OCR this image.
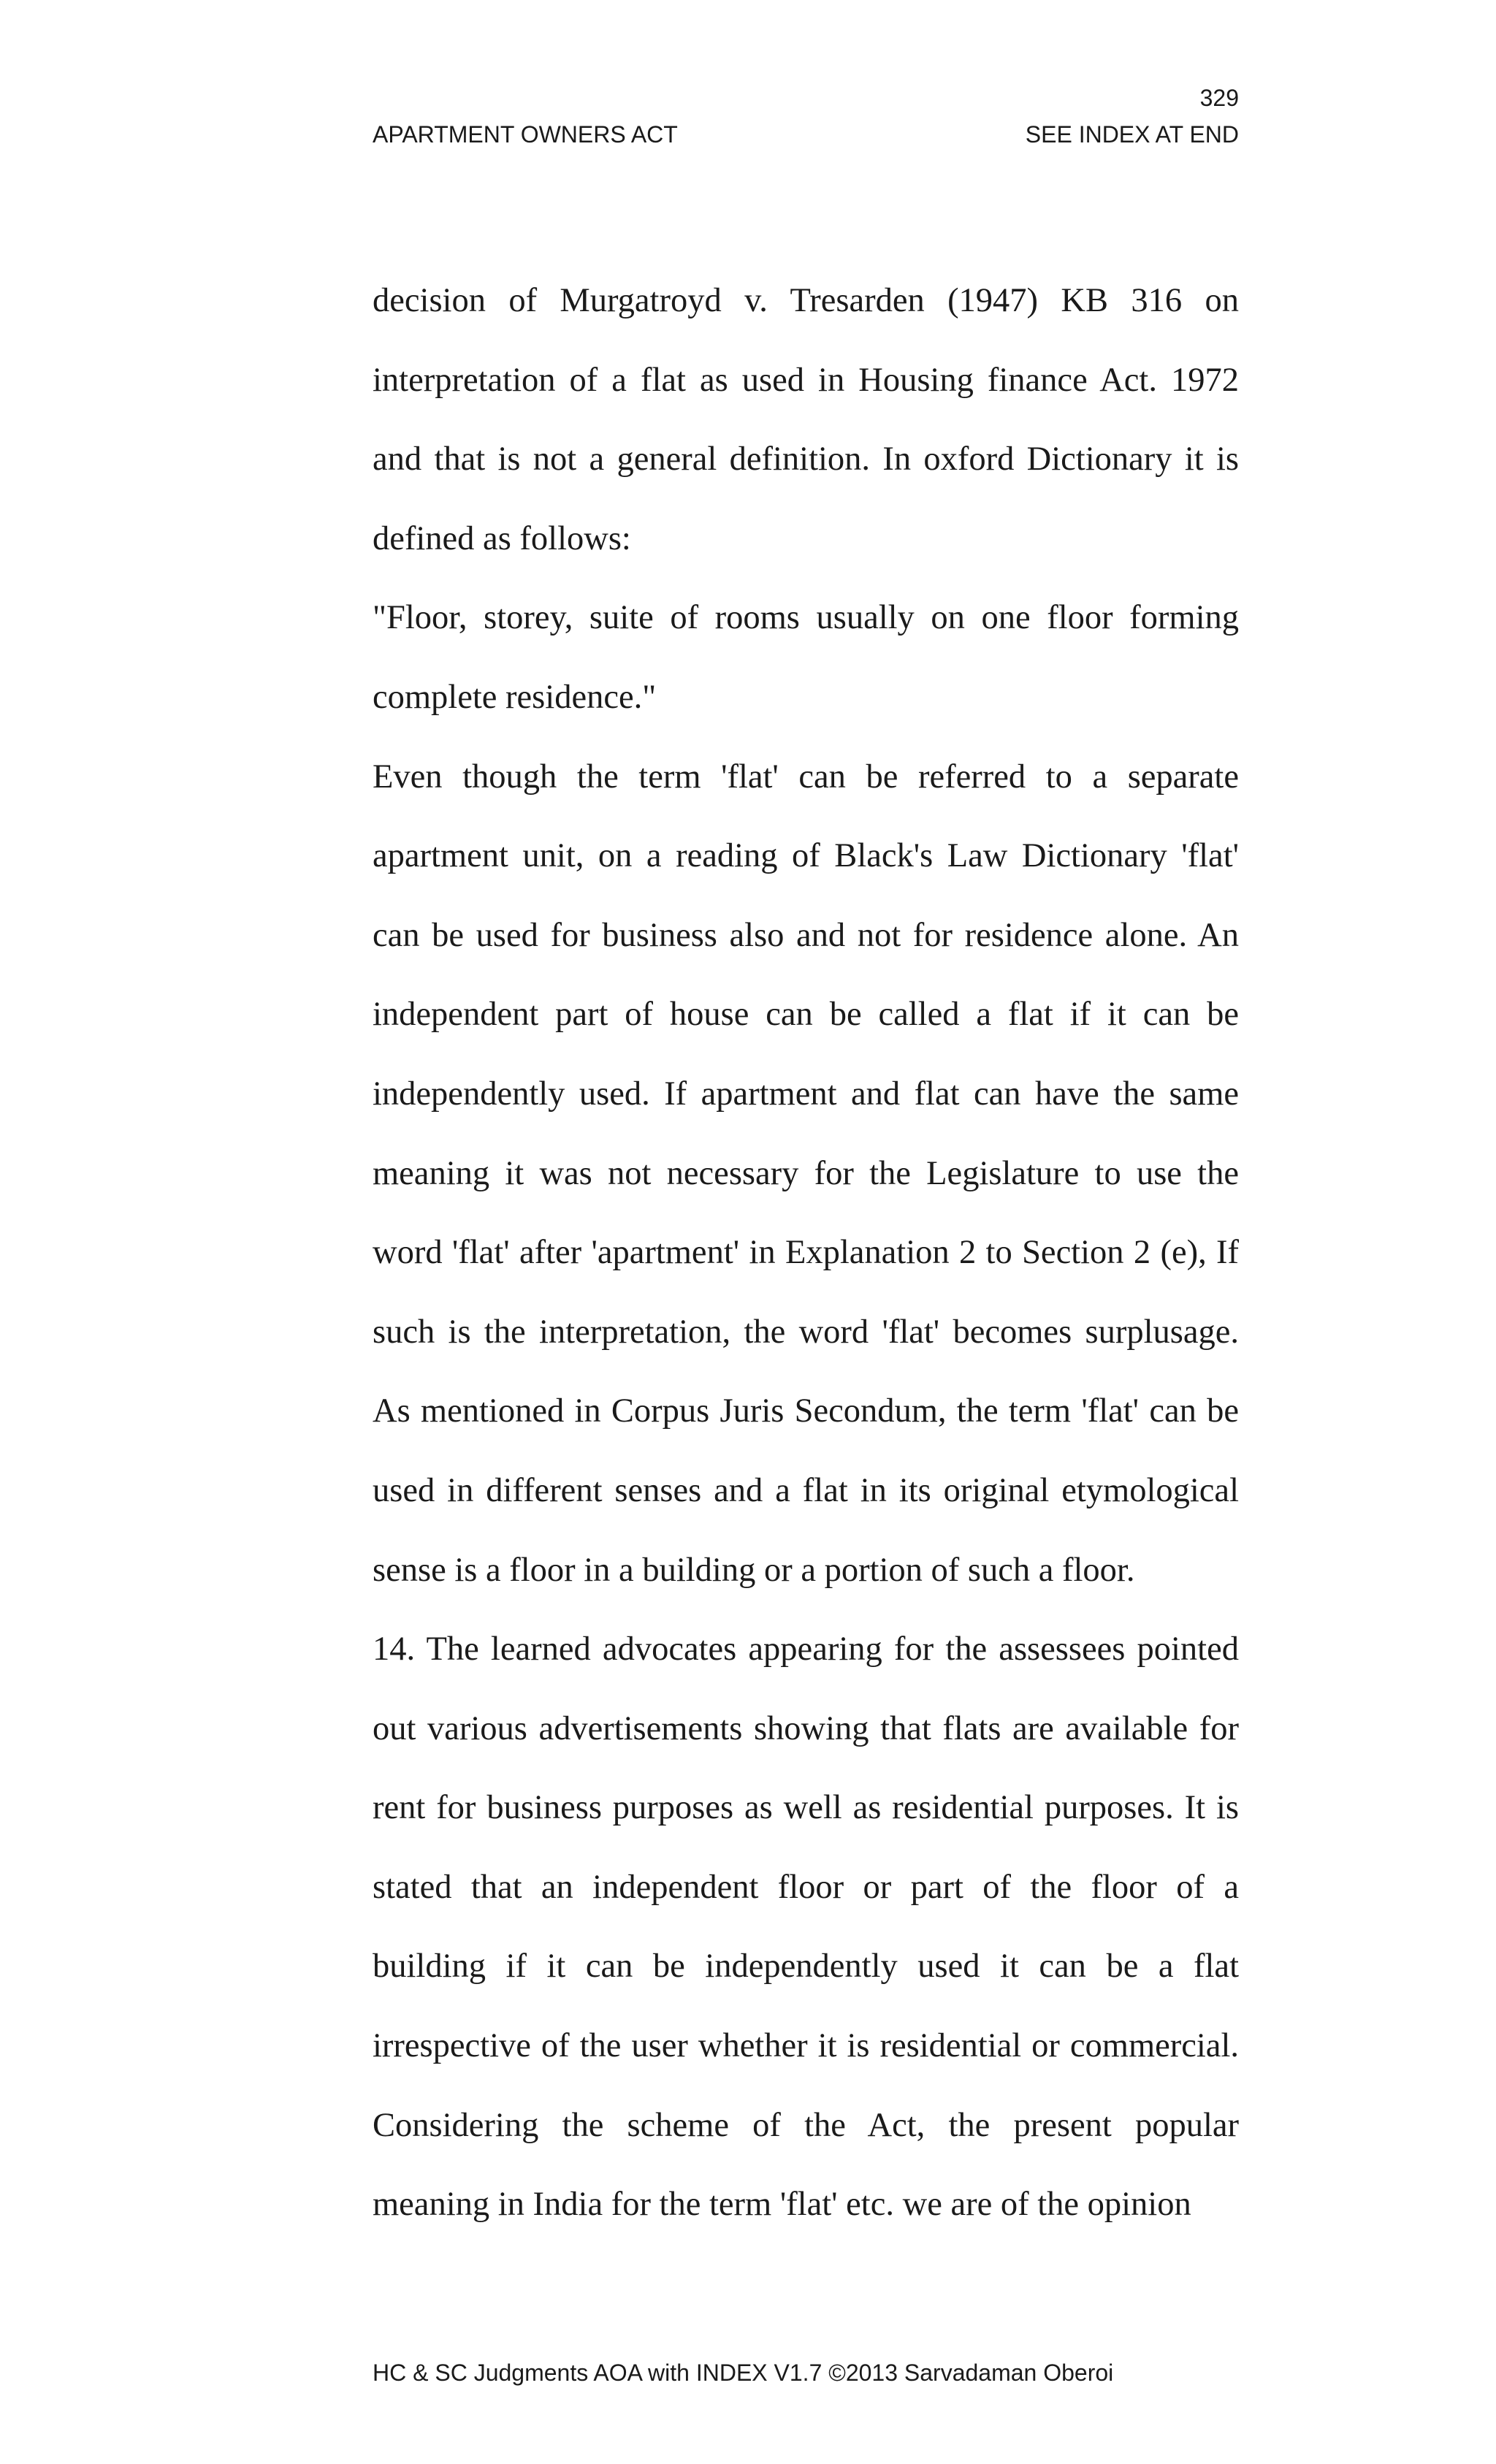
329
APARTMENT OWNERS ACT	SEE INDEX AT END

decision of Murgatroyd v. Tresarden (1947) KB 316 on interpretation of a flat as used in Housing finance Act. 1972 and that is not a general definition. In oxford Dictionary it is defined as follows:

"Floor, storey, suite of rooms usually on one floor forming complete residence."

Even though the term 'flat' can be referred to a separate apartment unit, on a reading of Black's Law Dictionary 'flat' can be used for business also and not for residence alone. An independent part of house can be called a flat if it can be independently used. If apartment and flat can have the same meaning it was not necessary for the Legislature to use the word 'flat' after 'apartment' in Explanation 2 to Section 2 (e), If such is the interpretation, the word 'flat' becomes surplusage. As mentioned in Corpus Juris Secondum, the term 'flat' can be used in different senses and a flat in its original etymological sense is a floor in a building or a portion of such a floor.

14. The learned advocates appearing for the assessees pointed out various advertisements showing that flats are available for rent for business purposes as well as residential purposes. It is stated that an independent floor or part of the floor of a building if it can be independently used it can be a flat irrespective of the user whether it is residential or commercial. Considering the scheme of the Act, the present popular meaning in India for the term 'flat' etc. we are of the opinion

HC & SC Judgments AOA with INDEX V1.7 ©2013 Sarvadaman Oberoi
